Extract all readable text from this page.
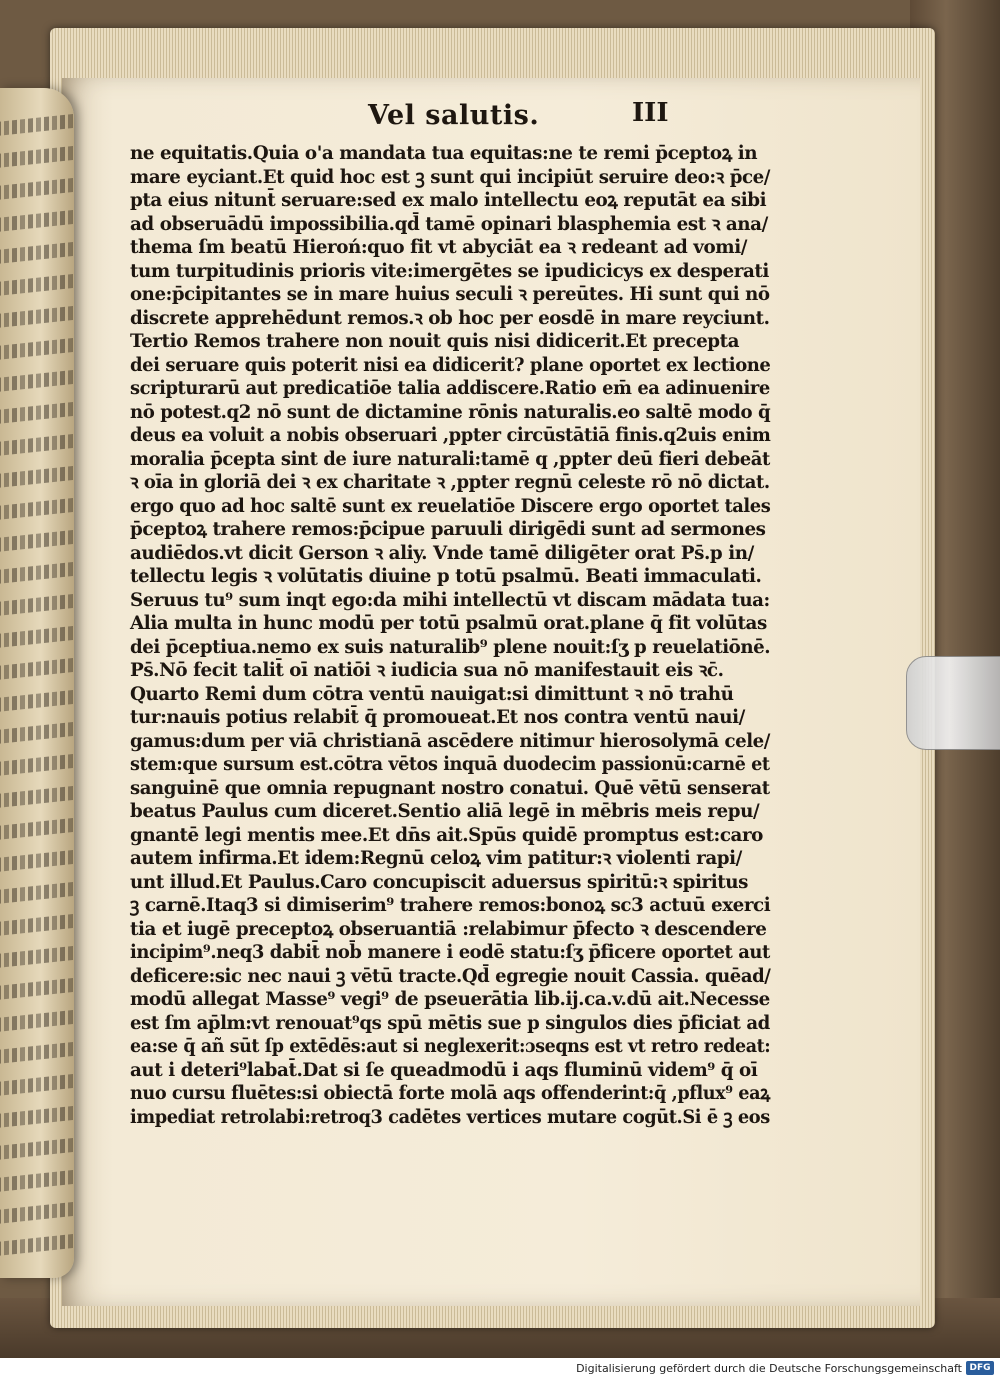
Vel salutis.	III
ne equitatis.Quia o'a mandata tua equitas:ne te remi p̄ceptoꝝ in
mare eyciant.Et quid hoc est ꝫ sunt qui incipiūt seruire deo:ꝛ p̄ce/
pta eius nitunt̄ seruare:sed ex malo intellectu eoꝝ reputāt ea sibi
ad obseruādū impossibilia.qd̄ tamē opinari blasphemia est ꝛ ana/
thema ſm beatū Hieroń:quo fit vt abyciāt ea ꝛ redeant ad vomi/
tum turpitudinis prioris vite:imergētes se ipudicicys ex desperati
one:p̄cipitantes se in mare huius seculi ꝛ pereūtes. Hi sunt qui nō
discrete apprehēdunt remos.ꝛ ob hoc per eosdē in mare reyciunt.
Tertio Remos trahere non nouit quis nisi didicerit.Et precepta
dei seruare quis poterit nisi ea didicerit? plane oportet ex lectione
scripturarū aut predicatiōe talia addiscere.Ratio em̄ ea adinuenire
nō potest.q2 nō sunt de dictamine rōnis naturalis.eo saltē modo q̄
deus ea voluit a nobis obseruari ,ppter circūstātiā finis.q2uis enim
moralia p̄cepta sint de iure naturali:tamē q ,ppter deū fieri debeāt
ꝛ oīa in gloriā dei ꝛ ex charitate ꝛ ,ppter regnū celeste rō nō dictat.
ergo quo ad hoc saltē sunt ex reuelatiōe Discere ergo oportet tales
p̄ceptoꝝ trahere remos:p̄cipue paruuli dirigēdi sunt ad sermones
audiēdos.vt dicit Gerson ꝛ aliy. Vnde tamē diligēter orat Ps̄.p in/
tellectu legis ꝛ volūtatis diuine p totū psalmū. Beati immaculati.
Seruus tu⁹ sum inqt ego:da mihi intellectū vt discam mādata tua:
Alia multa in hunc modū per totū psalmū orat.plane q̄ fit volūtas
dei p̄ceptiua.nemo ex suis naturalib⁹ plene nouit:ſʒ p reuelatiōnē.
Ps̄.Nō fecit talit̄ oī natiōi ꝛ iudicia sua nō manifestauit eis ꝛc̄.
Quarto Remi dum cōtra ventū nauigat:si dimittunt ꝛ nō trahū
tur:nauis potius relabit̄ q̄ promoueat.Et nos contra ventū naui/
gamus:dum per viā christianā ascēdere nitimur hierosolymā cele/
stem:que sursum est.cōtra vētos inquā duodecim passionū:carnē et
sanguinē que omnia repugnant nostro conatui. Quē vētū senserat
beatus Paulus cum diceret.Sentio aliā legē in mēbris meis repu/
gnantē legi mentis mee.Et dn̄s ait.Spūs quidē promptus est:caro
autem infirma.Et idem:Regnū celoꝝ vim patitur:ꝛ violenti rapi/
unt illud.Et Paulus.Caro concupiscit aduersus spiritū:ꝛ spiritus
ꝫ carnē.Itaq3 si dimiserim⁹ trahere remos:bonoꝝ sc3 actuū exerci
tia et iugē preceptoꝝ obseruantiā :relabimur p̄fecto ꝛ descendere
incipim⁹.neq3 dabit̄ nob̄ manere i eodē statu:ſʒ p̄ficere oportet aut
deficere:sic nec naui ꝫ vētū tracte.Qd̄ egregie nouit Cassia. quēad/
modū allegat Masse⁹ vegi⁹ de pseuerātia lib.ij.ca.v.dū ait.Necesse
est ſm ap̄lm:vt renouat⁹qs spū mētis sue p singulos dies p̄ficiat ad
ea:se q̄ añ sūt ſp extēdēs:aut si neglexerit:ɔseqns est vt retro redeat:
aut i deteri⁹labat̄.Dat si ſe queadmodū i aqs fluminū videm⁹ q̄ oī
nuo cursu fluētes:si obiectā forte molā aqs offenderint:q̄ ,pflux⁹ eaꝝ
impediat retrolabi:retroq3 cadētes vertices mutare cogūt.Si ē ꝫ eos
Digitalisierung gefördert durch die Deutsche Forschungsgemeinschaft DFG
